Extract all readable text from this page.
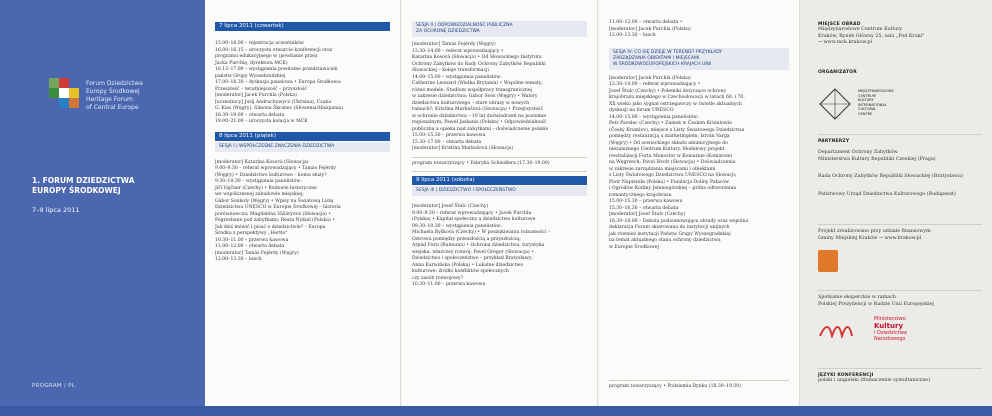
Forum Dziedzictwa
Europy Środkowej
Heritage Forum
of Central Europe
1. FORUM DZIEDZICTWA
EUROPY ŚRODKOWEJ
7–9 lipca 2011
PROGRAM / PL
7 lipca 2011 (czwartek)

15.00–16.00 – rejestracja uczestników

16.00–16.15 – uroczyste otwarcie konferencji oraz

programu edukacyjnego w (powitanie przez

Jacka Purchlę, dyrektora MCK)

16.15–17.00 – wystąpienia powitalne przedstawicieli

państw Grupy Wyszehradzkiej

17.00–18.30 – dyskusja panelowa • Europa Środkowa:

Przeszłość – teraźniejszość – przyszłość

[moderator] Jacek Purchla (Polska)

[uczestnicy] Jurij Andruchowycz (Ukraina), Csaba

G. Kiss (Węgry), Simona Škrabec (Słowenia/Hiszpania)

18.30–19.00 – otwarta debata

19.00–21.00 – uroczysta kolacja w MCK

8 lipca 2011 (piątek)
SESJA I | WSPÓŁCZESNE ZNACZENIA DZIEDZICTWA

[moderator] Katarína Kosová (Słowacja)

9.00–9.30 – referat wprowadzający • Tamás Fejérdy

(Węgry) • Dziedzictwo kulturowe – komu służy?

9.30–10.30 – wystąpienia panelistów:

Jiří Vajčner (Czechy) • Budowle historyczne

we współczesnej zabudowie miejskiej;

Gábor Sonkoly (Węgry) • Wpisy na Światową Listę

Dziedzictwa UNESCO w Europie Środkowej – historia

porównawcza; Magdaléna Vášáryová (Słowacja) •

Pogrzebane pod zabytkami; Beata Nykiel (Polska) •

Jak dziś mówić i pisać o dziedzictwie? – Europa

Środka z perspektywy „Herito"

10.30–11.00 – przerwa kawowa

11.00–12.00 – otwarta debata

[moderator] Tamás Fejérdy (Węgry)

12.00–13.30 – lunch

SESJA II | ODPOWIEDZIALNOŚĆ PUBLICZNA
ZA OCHRONĘ DZIEDZICTWA

[moderator] Tamás Fejérdy (Węgry)

13.30–14.00 – referat wprowadzający •

Katarína Kosová (Słowacja) • Od Słowackiego Instytutu

Ochrony Zabytków do Rady Ochrony Zabytków Republiki

Słowackiej – koleje transformacji

14.00–15.00 – wystąpienia panelistów:

Catherine Leonard (Wielka Brytania) • Wspólne tematy,

różne modele. Studium współpracy transgranicznej

w zakresie dziedzictwa; Gábor Soós (Węgry) • Walory

dziedzictwa kulturowego – stare obrazy w nowych

ramach?; Kristína Markušová (Słowacja) • Przejrzystość

w ochronie dziedzictwa – 10 lat doświadczeń na poziomie

regionalnym; Paweł Jaskanis (Polska) • Odpowiedzialność

publiczna a opieka nad zabytkami – doświadczenie polskie

15.00–15.30 – przerwa kawowa

15.30–17.00 – otwarta debata

[moderator] Kristína Markušová (Słowacja)

program towarzyszący • Fabryka Schindlera (17.30–19.00)

9 lipca 2011 (sobota)
SESJA III | DZIEDZICTWO I SPOŁECZEŃSTWO

[moderator] Josef Štulc (Czechy)

9.00–9.30 – referat wprowadzający • Jacek Purchla

(Polska) • Kapitał społeczny a dziedzictwo kulturowe

09.30–10.30 – wystąpienia panelistów:

Michaela Byšková (Czechy) • W poszukiwaniu tożsamości –

Ostrowa pomiędzy przeszłością a przyszłością;

Arpád Furu (Rumunia) • Ochrona dziedzictwa, turystyka

wiejska, właściwy rozwój; Pavel Gregor (Słowacja) •

Dziedzictwo i społeczeństwo – przykład Bratysławy;

Anna Karwińska (Polska) • Lokalne dziedzictwo

kulturowe: źródło konfliktów społecznych

czy zasób rozwojowy?

10.30–11.00 – przerwa kawowa

11.00–12.00 – otwarta debata •

[moderator] Jacek Purchla (Polska)

12.00–13.30 – lunch

SESJA IV: CO SIĘ DZIEJE W TERENIE? PRZYKŁADY
ZARZĄDZANIA OBIEKTAMI I MIEJSCAMI
W ŚRODKOWOEUROPEJSKICH KRAJACH UNII

[moderator] Jacek Purchla (Polska)

13.30–14.00 – referat wprowadzający •

Josef Štulc (Czechy) • Polemiki dotyczące ochrony

krajobrazu miejskiego w Czechosłowacji w latach 60. i 70.

XX wieku jako sygnał ostrzegawczy w świetle aktualnych

dyskusji na forum UNESCO

14.00–15.00 – wystąpienia panelistów:

Petr Pavelec (Czechy) • Zamek w Českim Krumlowie

(Český Krumlov), miejsce z Listy Światowego Dziedzictwa

pomiędzy restauracją a marketingiem; István Varga

(Węgry) • Od sowieckiego składu amunicyjnego do

niezależnego Centrum Kultury. Modelowy projekt

rewitalizacji Fortu Monostor w Komarnie (Komárom)

na Węgrzech; Pavol Ižvolt (Słowacja) • Doświadczenia

w zakresie zarządzania miejscami i obiektami

z Listy Światowego Dziedzictwa UNESCO na Słowacji;

Piotr Napierała (Polska) • Fundacja Doliny Pałaców

i Ogrodów Kotliny Jeleniogórskiej – próba odtworzenia

romantycznego krajobrazu

15.00–15.30 – przerwa kawowa

15.30–16.30 – otwarta debata

[moderator] Josef Štulc (Czechy)

16.30–18.00 – Debata podsumowująca obrady oraz wspólna

deklaracja Forum skierowana do instytucji unijnych

jak również instytucji Państw Grupy Wyszegradzkiej

na temat aktualnego stanu ochrony dziedzictwa

w Europie Środkowej

program towarzyszący • Podziemia Rynku (18.30–19.30)

MIEJSCE OBRAD
Międzynarodowe Centrum Kultury
Kraków, Rynek Główny 25, sala „Pod Kruki"
→ www.mck.krakow.pl
ORGANIZATOR
MIĘDZYNARODOWE
CENTRUM
KULTURY
INTERNATIONAL
CULTURAL
CENTRE
PARTNERZY
Departament Ochrony Zabytków
Ministerstwa Kultury Republiki Czeskiej (Praga)
Rada Ochrony Zabytków Republiki Słowackiej (Bratysława)
Państwowy Urząd Dziedzictwa Kulturowego (Budapeszt)
Projekt zrealizowano przy udziale finansowym
Gminy Miejskiej Kraków → www.krakow.pl
Spotkanie eksperckie w ramach
Polskiej Prezydencji w Radzie Unii Europejskiej
Ministerstwo
Kultury
i Dziedzictwa
Narodowego
JĘZYKI KONFERENCJI
polski i angielski (tłumaczenie symultaniczne)
